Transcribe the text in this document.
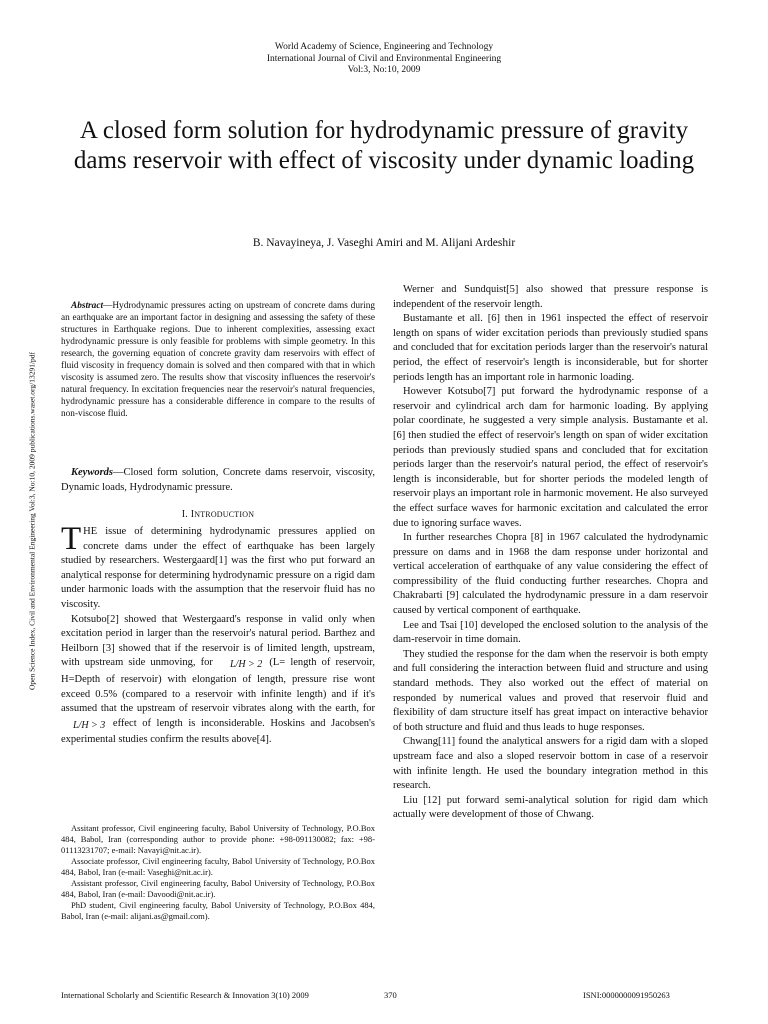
World Academy of Science, Engineering and Technology
International Journal of Civil and Environmental Engineering
Vol:3, No:10, 2009
A closed form solution for hydrodynamic pressure of gravity dams reservoir with effect of viscosity under dynamic loading
B. Navayineya, J. Vaseghi Amiri and M. Alijani Ardeshir
Open Science Index, Civil and Environmental Engineering Vol:3, No:10, 2009 publications.waset.org/13291/pdf

Abstract—Hydrodynamic pressures acting on upstream of concrete dams during an earthquake are an important factor in designing and assessing the safety of these structures in Earthquake regions. Due to inherent complexities, assessing exact hydrodynamic pressure is only feasible for problems with simple geometry. In this research, the governing equation of concrete gravity dam reservoirs with effect of fluid viscosity in frequency domain is solved and then compared with that in which viscosity is assumed zero. The results show that viscosity influences the reservoir's natural frequency. In excitation frequencies near the reservoir's natural frequencies, hydrodynamic pressure has a considerable difference in compare to the results of non-viscose fluid.

Keywords—Closed form solution, Concrete dams reservoir, viscosity, Dynamic loads, Hydrodynamic pressure.

I. INTRODUCTION

THE issue of determining hydrodynamic pressures applied on concrete dams under the effect of earthquake has been largely studied by researchers. Westergaard[1] was the first who put forward an analytical response for determining hydrodynamic pressure on a rigid dam under harmonic loads with the assumption that the reservoir fluid has no viscosity.

Kotsubo[2] showed that Westergaard's response in valid only when excitation period in larger than the reservoir's natural period. Barthez and Heilborn [3] showed that if the reservoir is of limited length, upstream, with upstream side unmoving, for L/H > 2 (L= length of reservoir, H=Depth of reservoir) with elongation of length, pressure rise wont exceed 0.5% (compared to a reservoir with infinite length) and if it's assumed that the upstream of reservoir vibrates along with the earth, for L/H > 3 effect of length is inconsiderable. Hoskins and Jacobsen's experimental studies confirm the results above[4].

Assitant professor, Civil engineering faculty, Babol University of Technology, P.O.Box 484, Babol, Iran (corresponding author to provide phone: +98-091130082; fax: +98-01113231707; e-mail: Navayi@nit.ac.ir).

Associate professor, Civil engineering faculty, Babol University of Technology, P.O.Box 484, Babol, Iran (e-mail: Vaseghi@nit.ac.ir).

Assistant professor, Civil engineering faculty, Babol University of Technology, P.O.Box 484, Babol, Iran (e-mail: Davoodi@nit.ac.ir).

PhD student, Civil engineering faculty, Babol University of Technology, P.O.Box 484, Babol, Iran (e-mail: alijani.as@gmail.com).

Werner and Sundquist[5] also showed that pressure response is independent of the reservoir length.

Bustamante et all. [6] then in 1961 inspected the effect of reservoir length on spans of wider excitation periods than previously studied spans and concluded that for excitation periods larger than the reservoir's natural period, the effect of reservoir's length is inconsiderable, but for shorter periods length has an important role in harmonic loading.

However Kotsubo[7] put forward the hydrodynamic response of a reservoir and cylindrical arch dam for harmonic loading. By applying polar coordinate, he suggested a very simple analysis. Bustamante et al. [6] then studied the effect of reservoir's length on span of wider excitation periods than previously studied spans and concluded that for excitation periods larger than the reservoir's natural period, the effect of reservoir's length is inconsiderable, but for shorter periods the modeled length of reservoir plays an important role in harmonic movement. He also surveyed the effect surface waves for harmonic excitation and calculated the error due to ignoring surface waves.

In further researches Chopra [8] in 1967 calculated the hydrodynamic pressure on dams and in 1968 the dam response under horizontal and vertical acceleration of earthquake of any value considering the effect of compressibility of the fluid conducting further researches. Chopra and Chakrabarti [9] calculated the hydrodynamic pressure in a dam reservoir caused by vertical component of earthquake.

Lee and Tsai [10] developed the enclosed solution to the analysis of the dam-reservoir in time domain.

They studied the response for the dam when the reservoir is both empty and full considering the interaction between fluid and structure and using standard methods. They also worked out the effect of material on responded by numerical values and proved that reservoir fluid and flexibility of dam structure itself has great impact on interactive behavior of both structure and fluid and thus leads to huge responses.

Chwang[11] found the analytical answers for a rigid dam with a sloped upstream face and also a sloped reservoir bottom in case of a reservoir with infinite length. He used the boundary integration method in this research.

Liu [12] put forward semi-analytical solution for rigid dam which actually were development of those of Chwang.

International Scholarly and Scientific Research & Innovation 3(10) 2009	370	ISNI:0000000091950263
